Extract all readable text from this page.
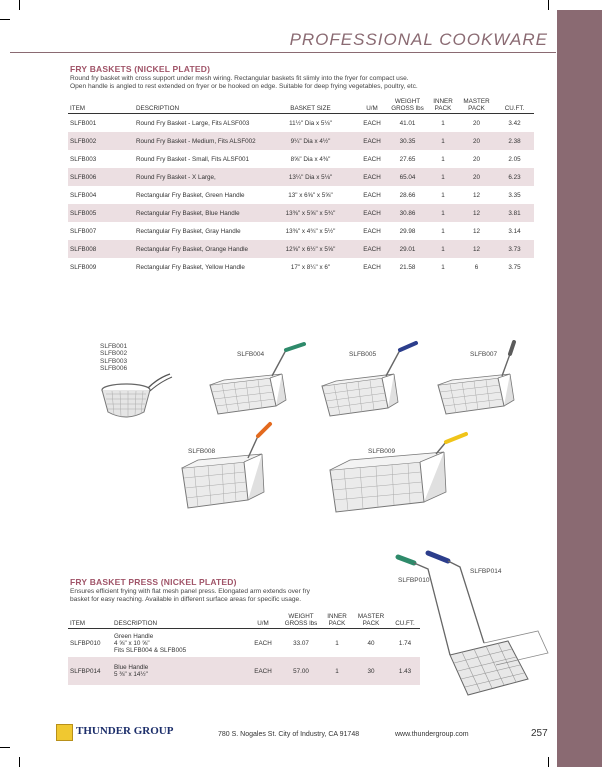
PROFESSIONAL COOKWARE
FRY BASKETS (NICKEL PLATED)
Round fry basket with cross support under mesh wiring. Rectangular baskets fit slimly into the fryer for compact use.
Open handle is angled to rest extended on fryer or be hooked on edge. Suitable for deep frying vegetables, poultry, etc.
ITEM	DESCRIPTION	BASKET SIZE	U/M	WEIGHT GROSS lbs	INNER PACK	MASTER PACK	CU.FT.
SLFB001	Round Fry Basket - Large, Fits ALSF003	11½" Dia x 5⅛"	EACH	41.01	1	20	3.42
SLFB002	Round Fry Basket - Medium, Fits ALSF002	9¼" Dia x 4½"	EACH	30.35	1	20	2.38
SLFB003	Round Fry Basket - Small, Fits ALSF001	8⅝" Dia x 4⅜"	EACH	27.65	1	20	2.05
SLFB006	Round Fry Basket - X Large,	13¼" Dia x 5⅛"	EACH	65.04	1	20	6.23
SLFB004	Rectangular Fry Basket, Green Handle	13" x 6⅝" x 5⅝"	EACH	28.66	1	12	3.35
SLFB005	Rectangular Fry Basket, Blue Handle	13⅜" x 5⅝" x 5¾"	EACH	30.86	1	12	3.81
SLFB007	Rectangular Fry Basket, Gray Handle	13⅜" x 4¾" x 5½"	EACH	29.98	1	12	3.14
SLFB008	Rectangular Fry Basket, Orange Handle	12⅝" x 6½" x 5⅝"	EACH	29.01	1	12	3.73
SLFB009	Rectangular Fry Basket, Yellow Handle	17" x 8¼" x 6"	EACH	21.58	1	6	3.75
SLFB001
SLFB002
SLFB003
SLFB006
SLFB004	SLFB005	SLFB007
SLFB008	SLFB009
FRY BASKET PRESS (NICKEL PLATED)
Ensures efficient frying with flat mesh panel press. Elongated arm extends over fry
basket for easy reaching. Available in different surface areas for specific usage.
ITEM	DESCRIPTION	U/M	WEIGHT GROSS lbs	INNER PACK	MASTER PACK	CU.FT.
SLFBP010	Green Handle
4 ⅝" x 10 ⅝"
Fits SLFB004 & SLFB005	EACH	33.07	1	40	1.74
SLFBP014	Blue Handle
5 ⅜" x 14½"	EACH	57.00	1	30	1.43
SLFBP010
SLFBP014
THUNDER GROUP	780 S. Nogales St. City of Industry, CA 91748	www.thundergroup.com	257
